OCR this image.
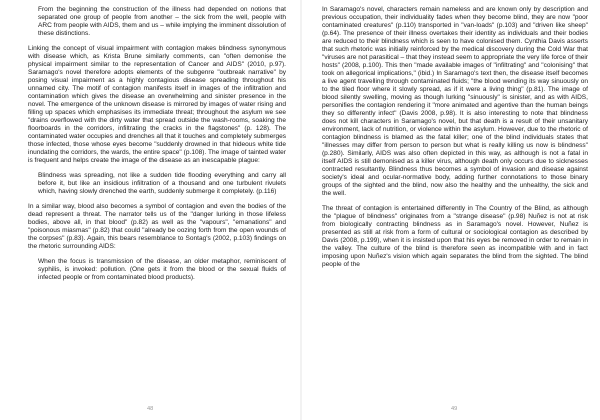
From the beginning the construction of the illness had depended on notions that separated one group of people from another – the sick from the well, people with ARC from people with AIDS, them and us – while implying the imminent dissolution of these distinctions.

Linking the concept of visual impairment with contagion makes blindness synonymous with disease which, as Krista Brune similarly comments, can "often demonise the physical impairment similar to the representation of Cancer and AIDS" (2010, p.97). Saramago's novel therefore adopts elements of the subgenre "outbreak narrative" by posing visual impairment as a highly contagious disease spreading throughout his unnamed city. The motif of contagion manifests itself in images of the infiltration and contamination which gives the disease an overwhelming and sinister presence in the novel. The emergence of the unknown disease is mirrored by images of water rising and filling up spaces which emphasises its immediate threat; throughout the asylum we see "drains overflowed with the dirty water that spread outside the wash-rooms, soaking the floorboards in the corridors, infiltrating the cracks in the flagstones" (p. 128). The contaminated water occupies and drenches all that it touches and completely submerges those infected, those whose eyes become "suddenly drowned in that hideous white tide inundating the corridors, the wards, the entire space" (p.108). The image of tainted water is frequent and helps create the image of the disease as an inescapable plague:

Blindness was spreading, not like a sudden tide flooding everything and carry all before it, but like an insidious infiltration of a thousand and one turbulent rivulets which, having slowly drenched the earth, suddenly submerge it completely. (p.116)

In a similar way, blood also becomes a symbol of contagion and even the bodies of the dead represent a threat. The narrator tells us of the "danger lurking in those lifeless bodies, above all, in that blood" (p.82) as well as the "vapours", "emanations" and "poisonous miasmas" (p.82) that could "already be oozing forth from the open wounds of the corpses" (p.83). Again, this bears resemblance to Sontag's (2002, p.103) findings on the rhetoric surrounding AIDS:

When the focus is transmission of the disease, an older metaphor, reminiscent of syphilis, is invoked: pollution. (One gets it from the blood or the sexual fluids of infected people or from contaminated blood products).

48

In Saramago's novel, characters remain nameless and are known only by description and previous occupation, their individuality fades when they become blind, they are now "poor contaminated creatures" (p.110) transported in "van-loads" (p.103) and "driven like sheep" (p.64). The presence of their illness overtakes their identity as individuals and their bodies are reduced to their blindness which is seen to have colonised them. Cynthia Davis asserts that such rhetoric was initially reinforced by the medical discovery during the Cold War that "viruses are not parasitical – that they instead seem to appropriate the very life force of their hosts" (2008, p.100). This then "made available images of "infiltrating" and "colonising" that took on allegorical implications," (ibid.) In Saramago's text then, the disease itself becomes a live agent travelling through contaminated fluids; "the blood wending its way sinuously on to the tiled floor where it slowly spread, as if it were a living thing" (p.81). The image of blood silently swelling, moving as though lurking "sinuously" is sinister, and as with AIDS, personifies the contagion rendering it "more animated and agentive than the human beings they so differently infect" (Davis 2008, p.98). It is also interesting to note that blindness does not kill characters in Saramago's novel, but that death is a result of their unsanitary environment, lack of nutrition, or violence within the asylum. However, due to the rhetoric of contagion blindness is blamed as the fatal killer; one of the blind individuals states that "illnesses may differ from person to person but what is really killing us now is blindness" (p.280). Similarly, AIDS was also often depicted in this way, as although is not a fatal in itself AIDS is still demonised as a killer virus, although death only occurs due to sicknesses contracted resultantly. Blindness thus becomes a symbol of invasion and disease against society's ideal and ocular-normative body, adding further connotations to those binary groups of the sighted and the blind, now also the healthy and the unhealthy, the sick and the well.

The threat of contagion is entertained differently in The Country of the Blind, as although the "plague of blindness" originates from a "strange disease" (p.98) Nuñez is not at risk from biologically contracting blindness as in Saramago's novel. However, Nuñez is presented as still at risk from a form of cultural or sociological contagion as described by Davis (2008, p.199), when it is insisted upon that his eyes be removed in order to remain in the valley. The culture of the blind is therefore seen as incompatible with and in fact imposing upon Nuñez's vision which again separates the blind from the sighted. The blind people of the

49
